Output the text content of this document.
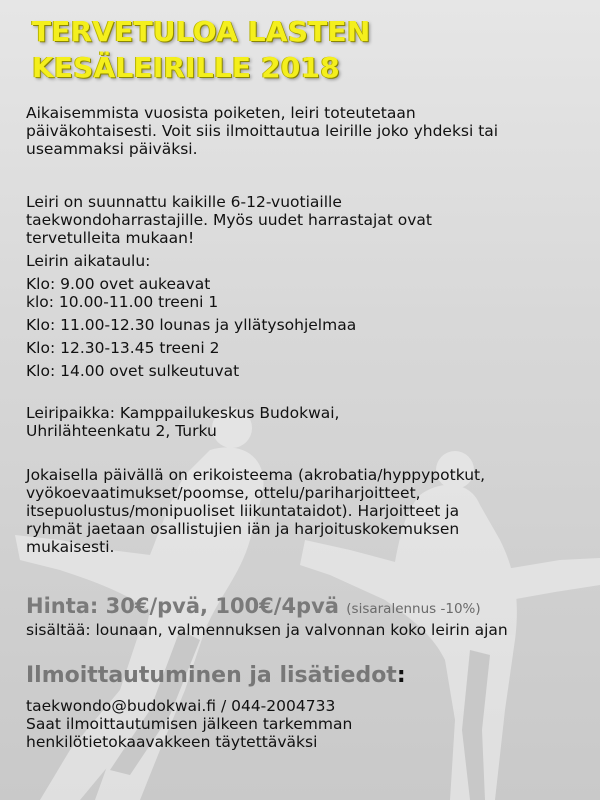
TERVETULOA LASTEN
KESÄLEIRILLE 2018

Aikaisemmista vuosista poiketen, leiri toteutetaan

päiväkohtaisesti. Voit siis ilmoittautua leirille joko yhdeksi tai

useammaksi päiväksi.

Leiri on suunnattu kaikille 6-12-vuotiaille

taekwondoharrastajille. Myös uudet harrastajat ovat

tervetulleita mukaan!

Leirin aikataulu:

Klo: 9.00 ovet aukeavat

klo: 10.00-11.00 treeni 1

Klo: 11.00-12.30 lounas ja yllätysohjelmaa

Klo: 12.30-13.45 treeni 2

Klo: 14.00 ovet sulkeutuvat

Leiripaikka: Kamppailukeskus Budokwai,

Uhrilähteenkatu 2, Turku

Jokaisella päivällä on erikoisteema (akrobatia/hyppypotkut,

vyökoevaatimukset/poomse, ottelu/pariharjoitteet,

itsepuolustus/monipuoliset liikuntataidot). Harjoitteet ja

ryhmät jaetaan osallistujien iän ja harjoituskokemuksen

mukaisesti.

Hinta: 30€/pvä, 100€/4pvä (sisaralennus -10%)

sisältää: lounaan, valmennuksen ja valvonnan koko leirin ajan

Ilmoittautuminen ja lisätiedot:

taekwondo@budokwai.fi / 044-2004733

Saat ilmoittautumisen jälkeen tarkemman

henkilötietokaavakkeen täytettäväksi
